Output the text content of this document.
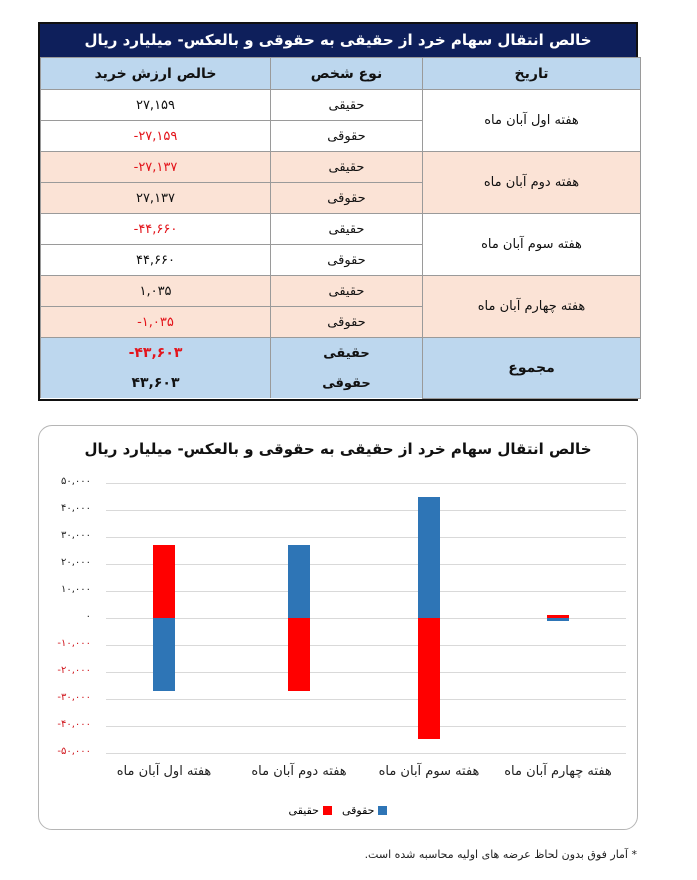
خالص انتقال سهام خرد از حقیقی به حقوقی و بالعکس- میلیارد ریال
تاریخ	نوع شخص	خالص ارزش خرید
هفته اول آبان ماه	حقیقی	۲۷,۱۵۹
	حقوقی	-۲۷,۱۵۹
هفته دوم آبان ماه	حقیقی	-۲۷,۱۳۷
	حقوقی	۲۷,۱۳۷
هفته سوم آبان ماه	حقیقی	-۴۴,۶۶۰
	حقوقی	۴۴,۶۶۰
هفته چهارم آبان ماه	حقیقی	۱,۰۳۵
	حقوقی	-۱,۰۳۵
مجموع	حقیقی	-۴۳,۶۰۳
	حقوقی	۴۳,۶۰۳
خالص انتقال سهام خرد از حقیقی به حقوقی و بالعکس- میلیارد ریال
۵۰,۰۰۰
۴۰,۰۰۰
۳۰,۰۰۰
۲۰,۰۰۰
۱۰,۰۰۰
۰
-۱۰,۰۰۰
-۲۰,۰۰۰
-۳۰,۰۰۰
-۴۰,۰۰۰
-۵۰,۰۰۰
هفته اول آبان ماه	هفته دوم آبان ماه	هفته سوم آبان ماه	هفته چهارم آبان ماه
حقوقی
حقیقی
* آمار فوق بدون لحاظ عرضه های اولیه محاسبه شده است.
